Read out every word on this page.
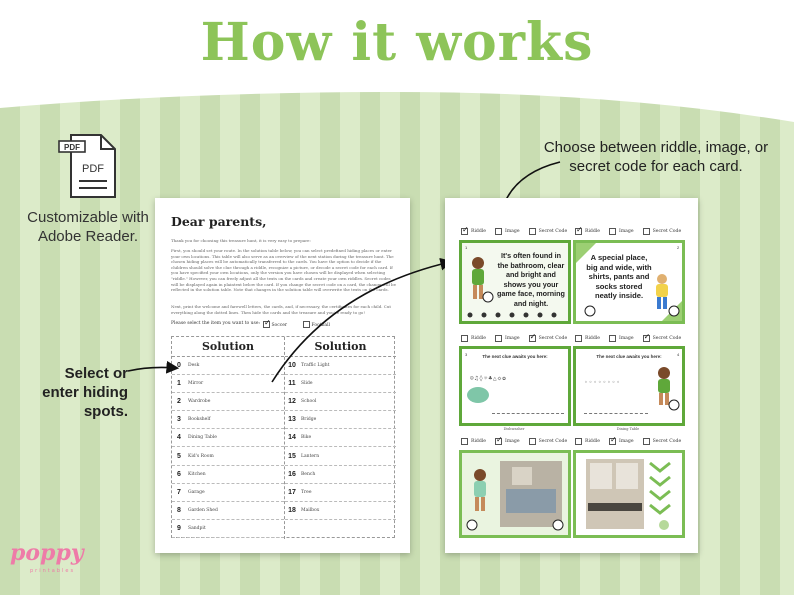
How it works
PDF
PDF
Customizable with Adobe Reader.
Select or enter hiding spots.
Choose between riddle, image, or secret code for each card.
Dear parents,
Thank you for choosing this treasure hunt, it is very easy to prepare:
First, you should set your route. In the solution table below, you can select predefined hiding places or enter your own locations. This table will also serve as an overview of the next station during the treasure hunt. The chosen hiding places will be automatically transferred to the cards. You have the option to decide if the children should solve the clue through a riddle, recognize a picture, or decode a secret code for each card. If you have specified your own locations, only the version you have chosen will be displayed when selecting "riddle." However, you can freely adjust all the texts on the cards and create your own riddles. Secret codes will be displayed again in plaintext below the card. If you change the secret code on a card, the change will be reflected in the solution table. Note that changes in the solution table will overwrite the texts on the cards.
Next, print the welcome and farewell letters, the cards, and, if necessary, the certificates for each child. Cut everything along the dotted lines. Then hide the cards and the treasure and you're ready to go!
Please select the item you want to use: ✓	Soccer	Football
Solution
0	Desk
1	Mirror
2	Wardrobe
3	Bookshelf
4	Dining Table
5	Kid's Room
6	Kitchen
7	Garage
8	Garden Shed
9	Sandpit
Solution
10	Traffic Light
11	Slide
12	School
13	Bridge
14	Bike
15	Lantern
16	Bench
17	Tree
18	Mailbox
✓
Riddle	Image	Secret Code ✓	Riddle	Image	Secret Code
It's often found in the bathroom, clear and bright and shows you your game face, morning and night.
A special place, big and wide, with shirts, pants and socks stored neatly inside.
Riddle	Image ✓	Secret Code	Riddle	Image ✓	Secret Code
The next clue awaits you here:
☺♫◊☼♣△◇✿
The next clue awaits you here:
◦◦◦◦◦◦◦◦
Dishwasher	Dining Table
Riddle ✓	Image	Secret Code	Riddle ✓	Image	Secret Code
1	2
3	4
poppy
printables
